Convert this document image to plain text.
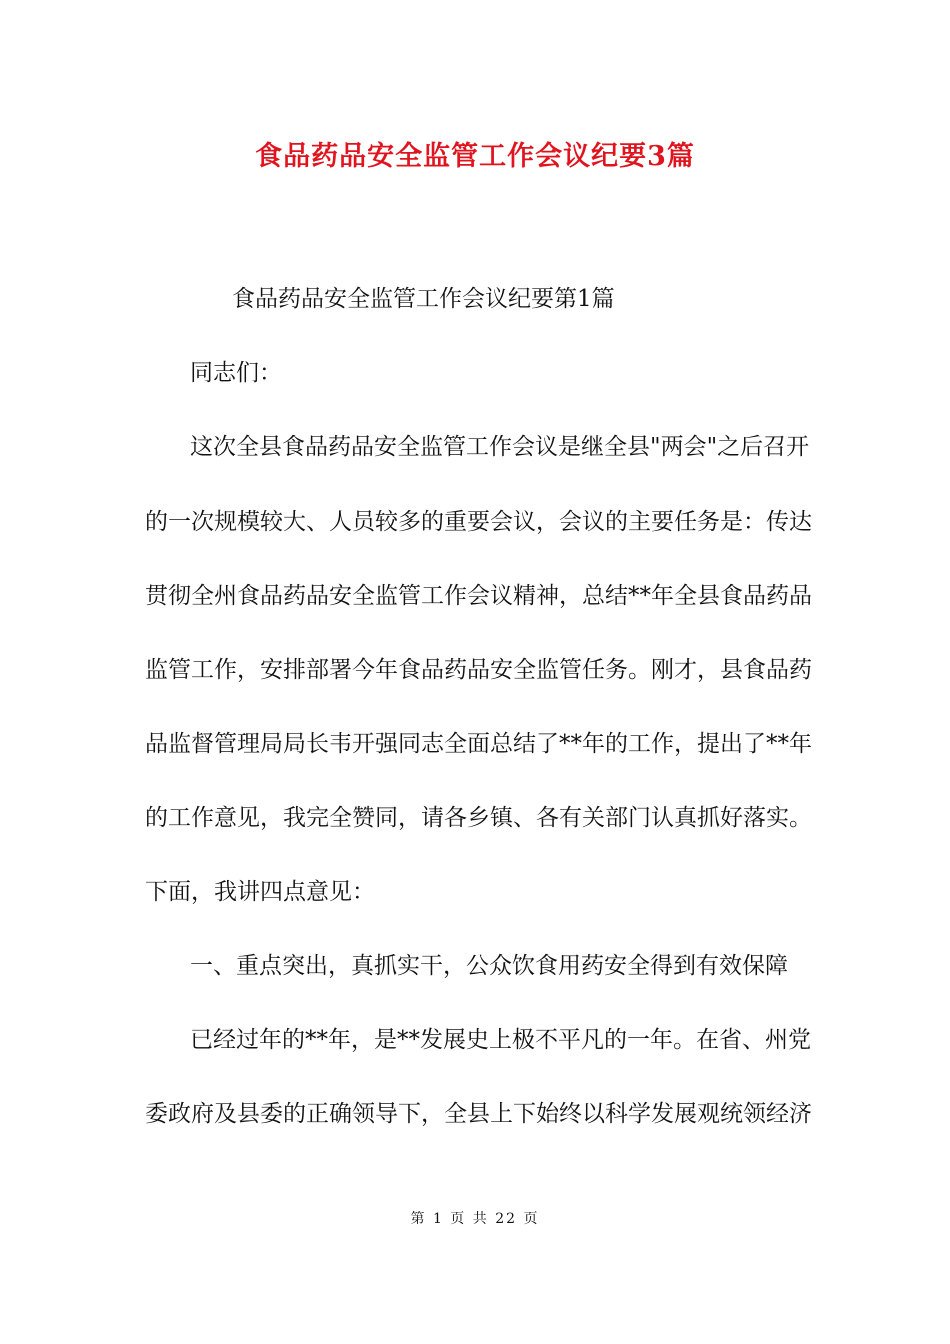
食品药品安全监管工作会议纪要3篇
食品药品安全监管工作会议纪要第1篇
同志们：
这次全县食品药品安全监管工作会议是继全县"两会"之后召开
的一次规模较大、人员较多的重要会议，会议的主要任务是：传达
贯彻全州食品药品安全监管工作会议精神，总结**年全县食品药品
监管工作，安排部署今年食品药品安全监管任务。刚才，县食品药
品监督管理局局长韦开强同志全面总结了**年的工作，提出了**年
的工作意见，我完全赞同，请各乡镇、各有关部门认真抓好落实。
下面，我讲四点意见：
一、重点突出，真抓实干，公众饮食用药安全得到有效保障
已经过年的**年，是**发展史上极不平凡的一年。在省、州党
委政府及县委的正确领导下，全县上下始终以科学发展观统领经济
第 1 页 共 22 页
